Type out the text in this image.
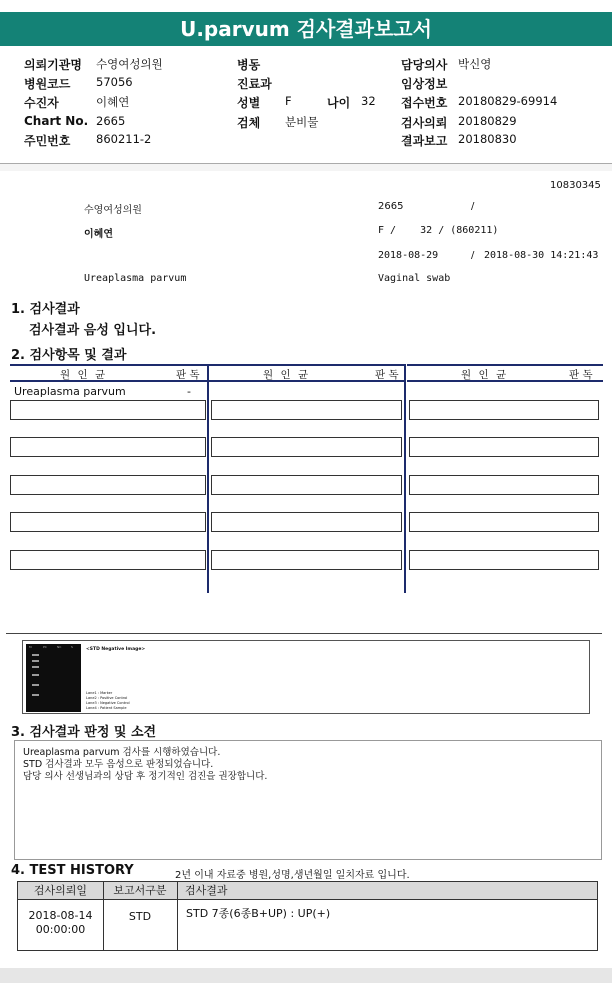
U.parvum 검사결과보고서
의뢰기관명 수영여성의원	병동	담당의사 박신영
병원코드 57056	진료과	임상정보
수진자	이혜연	성별 F	나이 32 접수번호 20180829-69914
Chart No. 2665	검체 분비물	검사의뢰 20180829
주민번호 860211-2	결과보고 20180830
10830345
수영여성의원	2665	/
이혜연	F /    32 / (860211)
2018-08-29	/ 2018-08-30 14:21:43
Ureaplasma parvum	Vaginal swab
1. 검사결과
검사결과 음성 입니다.
2. 검사항목 및 결과
원 인 균	판 독	원 인 균	판 독	원 인 균	판 독
Ureaplasma parvum	-
M	PC	NC	S	<STD Negative Image>
Lane1 : Marker
Lane2 : Positive Control
Lane3 : Negative Control
Lane4 : Patient Sample
3. 검사결과 판정 및 소견
Ureaplasma parvum 검사를 시행하였습니다.
STD 검사결과 모두 음성으로 판정되었습니다.
담당 의사 선생님과의 상담 후 정기적인 검진을 권장합니다.
4. TEST HISTORY	2년 이내 자료중 병원,성명,생년월일 일치자료 입니다.
검사의뢰일	보고서구분	검사결과
2018-08-14
00:00:00
STD	STD 7종(6종B+UP) : UP(+)
